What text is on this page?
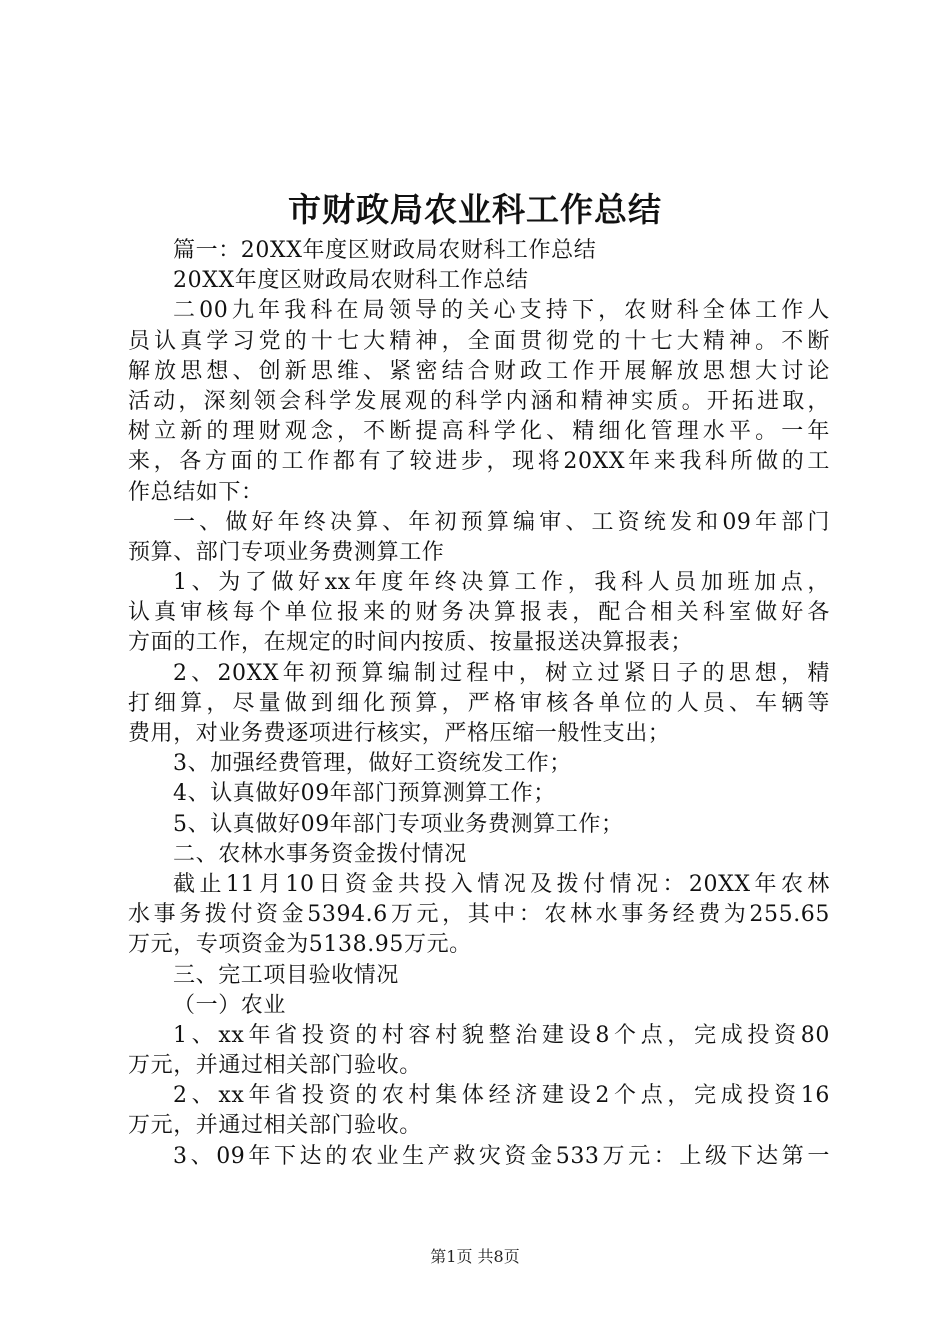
市财政局农业科工作总结
篇一：20XX年度区财政局农财科工作总结
20XX年度区财政局农财科工作总结
二00九年我科在局领导的关心支持下，农财科全体工作人
员认真学习党的十七大精神，全面贯彻党的十七大精神。不断
解放思想、创新思维、紧密结合财政工作开展解放思想大讨论
活动，深刻领会科学发展观的科学内涵和精神实质。开拓进取，
树立新的理财观念，不断提高科学化、精细化管理水平。一年
来，各方面的工作都有了较进步，现将20XX年来我科所做的工
作总结如下：
一、做好年终决算、年初预算编审、工资统发和09年部门
预算、部门专项业务费测算工作
1、为了做好xx年度年终决算工作，我科人员加班加点，
认真审核每个单位报来的财务决算报表，配合相关科室做好各
方面的工作，在规定的时间内按质、按量报送决算报表；
2、20XX年初预算编制过程中，树立过紧日子的思想，精
打细算，尽量做到细化预算，严格审核各单位的人员、车辆等
费用，对业务费逐项进行核实，严格压缩一般性支出；
3、加强经费管理，做好工资统发工作；
4、认真做好09年部门预算测算工作；
5、认真做好09年部门专项业务费测算工作；
二、农林水事务资金拨付情况
截止11月10日资金共投入情况及拨付情况：20XX年农林
水事务拨付资金5394.6万元，其中：农林水事务经费为255.65
万元，专项资金为5138.95万元。
三、完工项目验收情况
（一）农业
1、xx年省投资的村容村貌整治建设8个点，完成投资80
万元，并通过相关部门验收。
2、xx年省投资的农村集体经济建设2个点，完成投资16
万元，并通过相关部门验收。
3、09年下达的农业生产救灾资金533万元：上级下达第一
第1页 共8页
